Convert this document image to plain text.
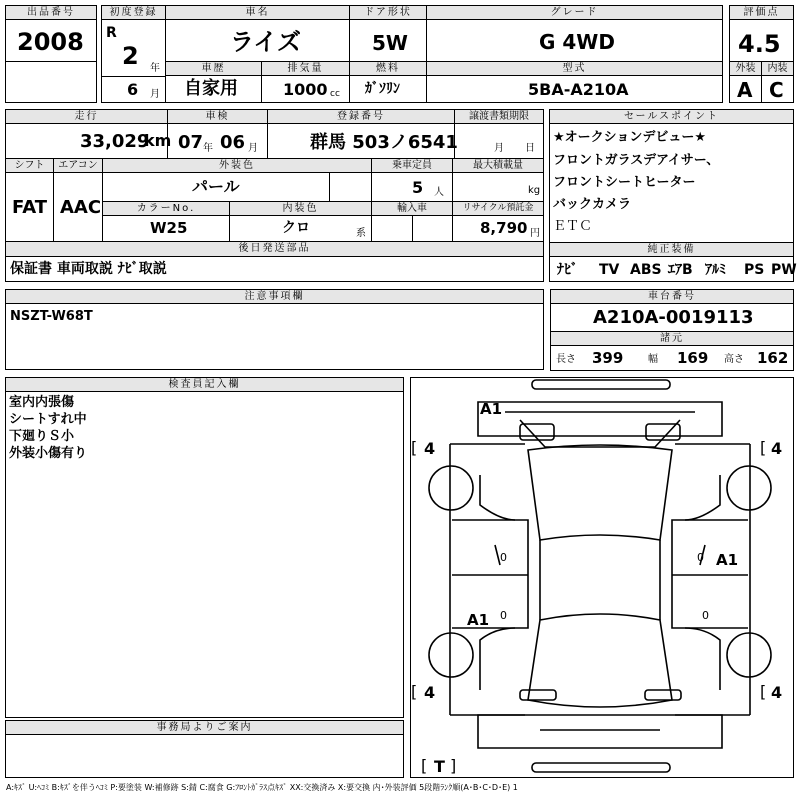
出品番号
2008
初度登録
R
2 年
6 月
車名
ライズ
車歴
自家用
排気量
1000 cc
ドア形状
5W
燃料
ｶﾞｿﾘﾝ
グレード
G 4WD
型式
5BA-A210A
評価点
4.5
外装	内装
A C
走行
33,029
km
車検
07 年 06 月
登録番号
群馬 503ノ6541
譲渡書類期限
月 日
シフト
FAT
エアコン
AAC
外装色
パール
乗車定員
5 人
最大積載量
kg
カラーNo.
W25
内装色
クロ	系
輸入車	リサイクル預託金
8,790 円
後日発送部品
保証書 車両取説 ﾅﾋﾞ取説
セールスポイント
★オークションデビュー★
フロントガラスデアイサー、
フロントシートヒーター
バックカメラ
ＥＴＣ
純正装備
ﾅﾋﾞ TV ABS ｴｱB ｱﾙﾐ PS PW
注意事項欄
NSZT-W68T
車台番号
A210A-0019113
諸元
長さ 399 幅 169 高さ 162
検査員記入欄
室内内張傷
シートすれ中
下廻りＳ小
外装小傷有り
事務局よりご案内
[ 4	[ 4
[ 4	[ 4
[ T ]
A1
A1
A1
0	0
0	0
A:ｷｽﾞ U:ﾍｺﾐ B:ｷｽﾞを伴うﾍｺﾐ P:要塗装 W:補修跡 S:錆 C:腐食 G:ﾌﾛﾝﾄｶﾞﾗｽ点ｷｽﾞ XX:交換済み X:要交換 内･外装評価 5段階ﾗﾝｸ順(A･B･C･D･E) 1
